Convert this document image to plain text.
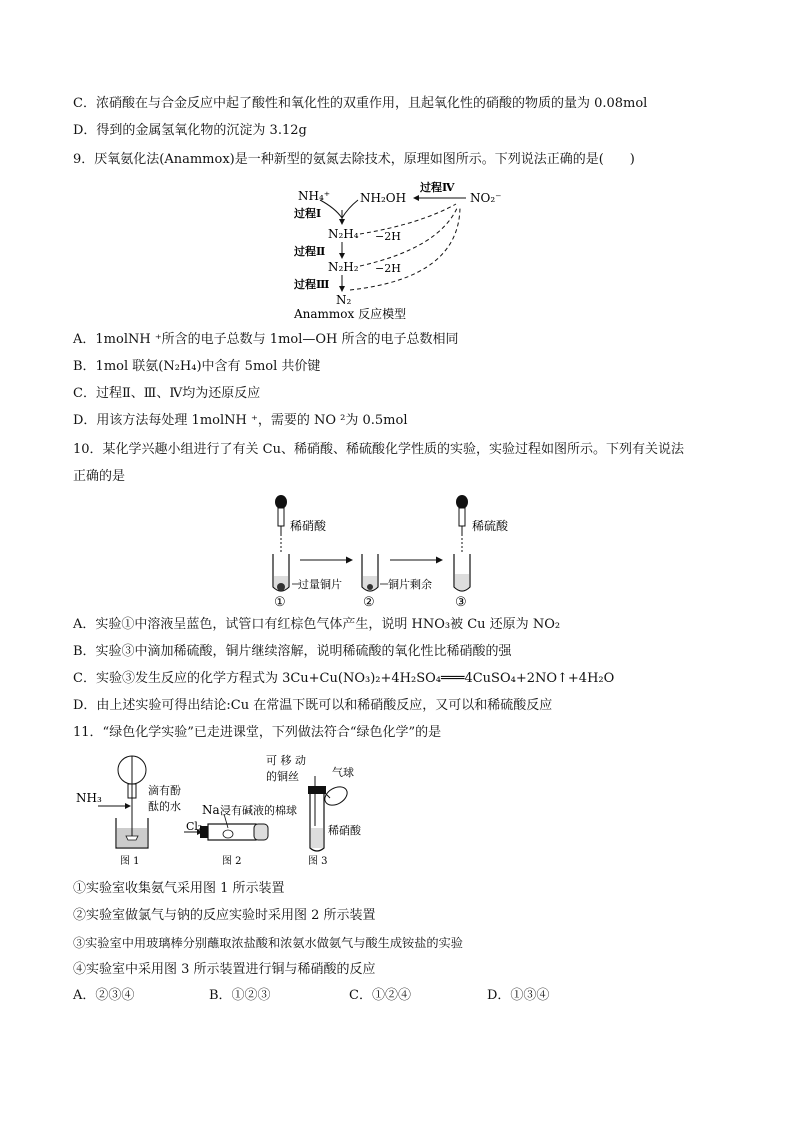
C．浓硝酸在与合金反应中起了酸性和氧化性的双重作用，且起氧化性的硝酸的物质的量为 0.08mol
D．得到的金属氢氧化物的沉淀为 3.12g
9．厌氧氨化法(Anammox)是一种新型的氨氮去除技术，原理如图所示。下列说法正确的是(　　)
NH₄⁺ NH₂OH	NO₂⁻
过程Ⅳ
过程Ⅰ
N₂H₄
过程Ⅱ
−2H
N₂H₂
过程Ⅲ
−2H
N₂
Anammox 反应模型
A．1molNH ⁺所含的电子总数与 1mol—OH 所含的电子总数相同
B．1mol 联氨(N₂H₄)中含有 5mol 共价键
C．过程Ⅱ、Ⅲ、Ⅳ均为还原反应
D．用该方法每处理 1molNH ⁺，需要的 NO ²为 0.5mol
10．某化学兴趣小组进行了有关 Cu、稀硝酸、稀硫酸化学性质的实验，实验过程如图所示。下列有关说法
正确的是
稀硝酸
过量铜片
①
铜片剩余
②
稀硫酸
③
A．实验①中溶液呈蓝色，试管口有红棕色气体产生，说明 HNO₃被 Cu 还原为 NO₂
B．实验③中滴加稀硫酸，铜片继续溶解，说明稀硫酸的氧化性比稀硝酸的强
C．实验③发生反应的化学方程式为 3Cu+Cu(NO₃)₂+4H₂SO₄═══4CuSO₄+2NO↑+4H₂O
D．由上述实验可得出结论:Cu 在常温下既可以和稀硝酸反应，又可以和稀硫酸反应
11．“绿色化学实验”已走进课堂，下列做法符合“绿色化学”的是
NH₃
滴有酚
酞的水
图 1
Cl₂
Na 浸有碱液的棉球
图 2
可 移 动
的铜丝	气球
稀硝酸
图 3
①实验室收集氨气采用图 1 所示装置
②实验室做氯气与钠的反应实验时采用图 2 所示装置
③实验室中用玻璃棒分别蘸取浓盐酸和浓氨水做氨气与酸生成铵盐的实验
④实验室中采用图 3 所示装置进行铜与稀硝酸的反应
A．②③④	B．①②③	C．①②④	D．①③④
